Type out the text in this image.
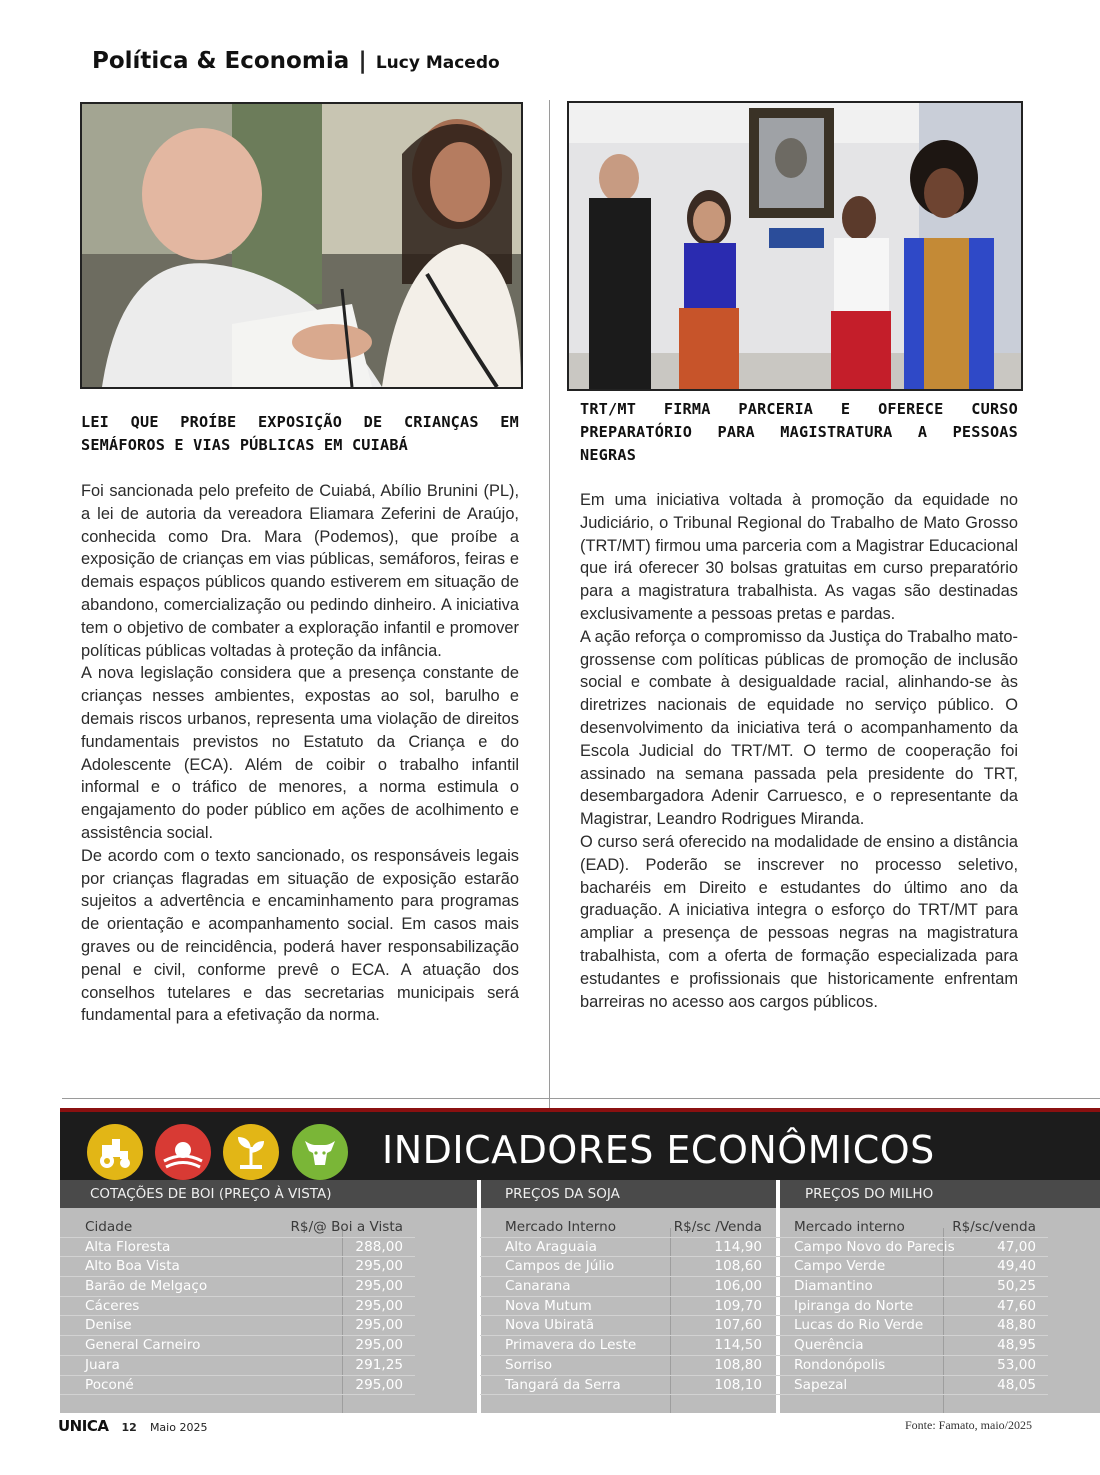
Política & Economia | Lucy Macedo
LEI QUE PROÍBE EXPOSIÇÃO DE CRIANÇAS EM SEMÁFOROS E VIAS PÚBLICAS EM CUIABÁ

Foi sancionada pelo prefeito de Cuiabá, Abílio Brunini (PL), a lei de autoria da vereadora Eliamara Zeferini de Araújo, conhecida como Dra. Mara (Podemos), que proíbe a exposição de crianças em vias públicas, semáforos, feiras e demais espaços públicos quando estiverem em situação de abandono, comercialização ou pedindo dinheiro. A iniciativa tem o objetivo de combater a exploração infantil e promover políticas públicas voltadas à proteção da infância.

A nova legislação considera que a presença constante de crianças nesses ambientes, expostas ao sol, barulho e demais riscos urbanos, representa uma violação de direitos fundamentais previstos no Estatuto da Criança e do Adolescente (ECA). Além de coibir o trabalho infantil informal e o tráfico de menores, a norma estimula o engajamento do poder público em ações de acolhimento e assistência social.

De acordo com o texto sancionado, os responsáveis legais por crianças flagradas em situação de exposição estarão sujeitos a advertência e encaminhamento para programas de orientação e acompanhamento social. Em casos mais graves ou de reincidência, poderá haver responsabilização penal e civil, conforme prevê o ECA. A atuação dos conselhos tutelares e das secretarias municipais será fundamental para a efetivação da norma.

TRT/MT FIRMA PARCERIA E OFERECE CURSO PREPARATÓRIO PARA MAGISTRATURA A PESSOAS NEGRAS

Em uma iniciativa voltada à promoção da equidade no Judiciário, o Tribunal Regional do Trabalho de Mato Grosso (TRT/MT) firmou uma parceria com a Magistrar Educacional que irá oferecer 30 bolsas gratuitas em curso preparatório para a magistratura trabalhista. As vagas são destinadas exclusivamente a pessoas pretas e pardas.

A ação reforça o compromisso da Justiça do Trabalho mato-grossense com políticas públicas de promoção de inclusão social e combate à desigualdade racial, alinhando-se às diretrizes nacionais de equidade no serviço público. O desenvolvimento da iniciativa terá o acompanhamento da Escola Judicial do TRT/MT. O termo de cooperação foi assinado na semana passada pela presidente do TRT, desembargadora Adenir Carruesco, e o representante da Magistrar, Leandro Rodrigues Miranda.

O curso será oferecido na modalidade de ensino a distância (EAD). Poderão se inscrever no processo seletivo, bacharéis em Direito e estudantes do último ano da graduação. A iniciativa integra o esforço do TRT/MT para ampliar a presença de pessoas negras na magistratura trabalhista, com a oferta de formação especializada para estudantes e profissionais que historicamente enfrentam barreiras no acesso aos cargos públicos.

INDICADORES ECONÔMICOS
COTAÇÕES DE BOI (PREÇO À VISTA)	PREÇOS DA SOJA	PREÇOS DO MILHO
Cidade	R$/@ Boi a Vista
Alta Floresta	288,00
Alto Boa Vista	295,00
Barão de Melgaço	295,00
Cáceres	295,00
Denise	295,00
General Carneiro	295,00
Juara	291,25
Poconé	295,00
Mercado Interno	R$/sc /Venda
Alto Araguaia	114,90
Campos de Júlio	108,60
Canarana	106,00
Nova Mutum	109,70
Nova Ubiratã	107,60
Primavera do Leste	114,50
Sorriso	108,80
Tangará da Serra	108,10
Mercado interno	R$/sc/venda
Campo Novo do Parecis	47,00
Campo Verde	49,40
Diamantino	50,25
Ipiranga do Norte	47,60
Lucas do Rio Verde	48,80
Querência	48,95
Rondonópolis	53,00
Sapezal	48,05
UNICA 12 Maio 2025	Fonte: Famato, maio/2025
